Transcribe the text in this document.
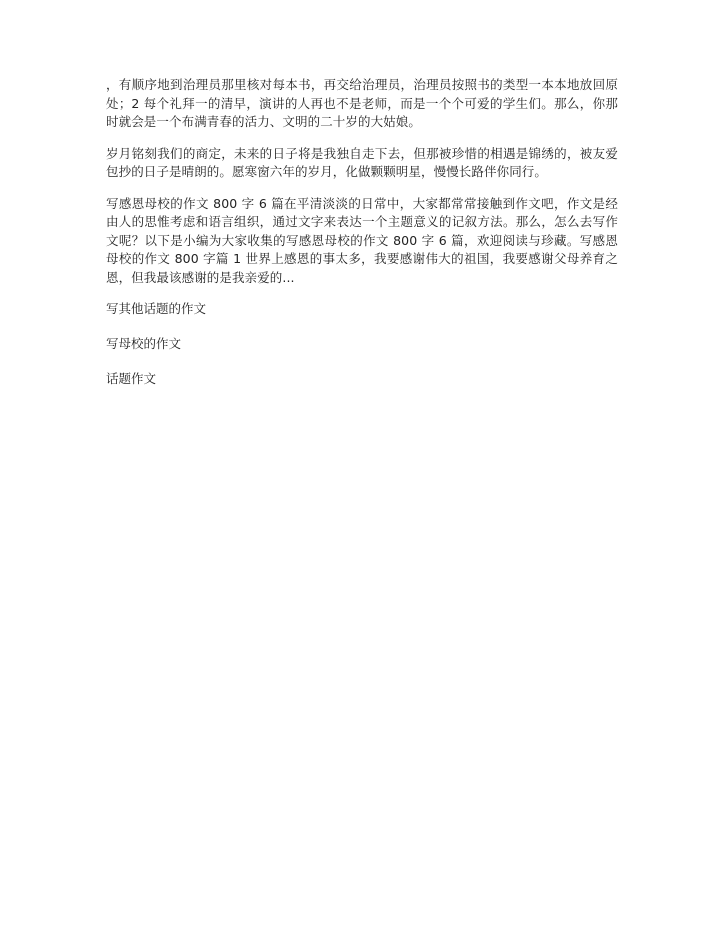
，有顺序地到治理员那里核对每本书，再交给治理员，治理员按照书的类型一本本地放回原处；2 每个礼拜一的清早，演讲的人再也不是老师，而是一个个可爱的学生们。那么，你那时就会是一个布满青春的活力、文明的二十岁的大姑娘。

岁月铭刻我们的商定，未来的日子将是我独自走下去，但那被珍惜的相遇是锦绣的，被友爱包抄的日子是晴朗的。愿寒窗六年的岁月，化做颗颗明星，慢慢长路伴你同行。

写感恩母校的作文 800 字 6 篇在平清淡淡的日常中，大家都常常接触到作文吧，作文是经由人的思惟考虑和语言组织，通过文字来表达一个主题意义的记叙方法。那么，怎么去写作文呢？以下是小编为大家收集的写感恩母校的作文 800 字 6 篇，欢迎阅读与珍藏。写感恩母校的作文 800 字篇 1 世界上感恩的事太多，我要感谢伟大的祖国，我要感谢父母养育之恩，但我最该感谢的是我亲爱的...

写其他话题的作文
写母校的作文
话题作文
